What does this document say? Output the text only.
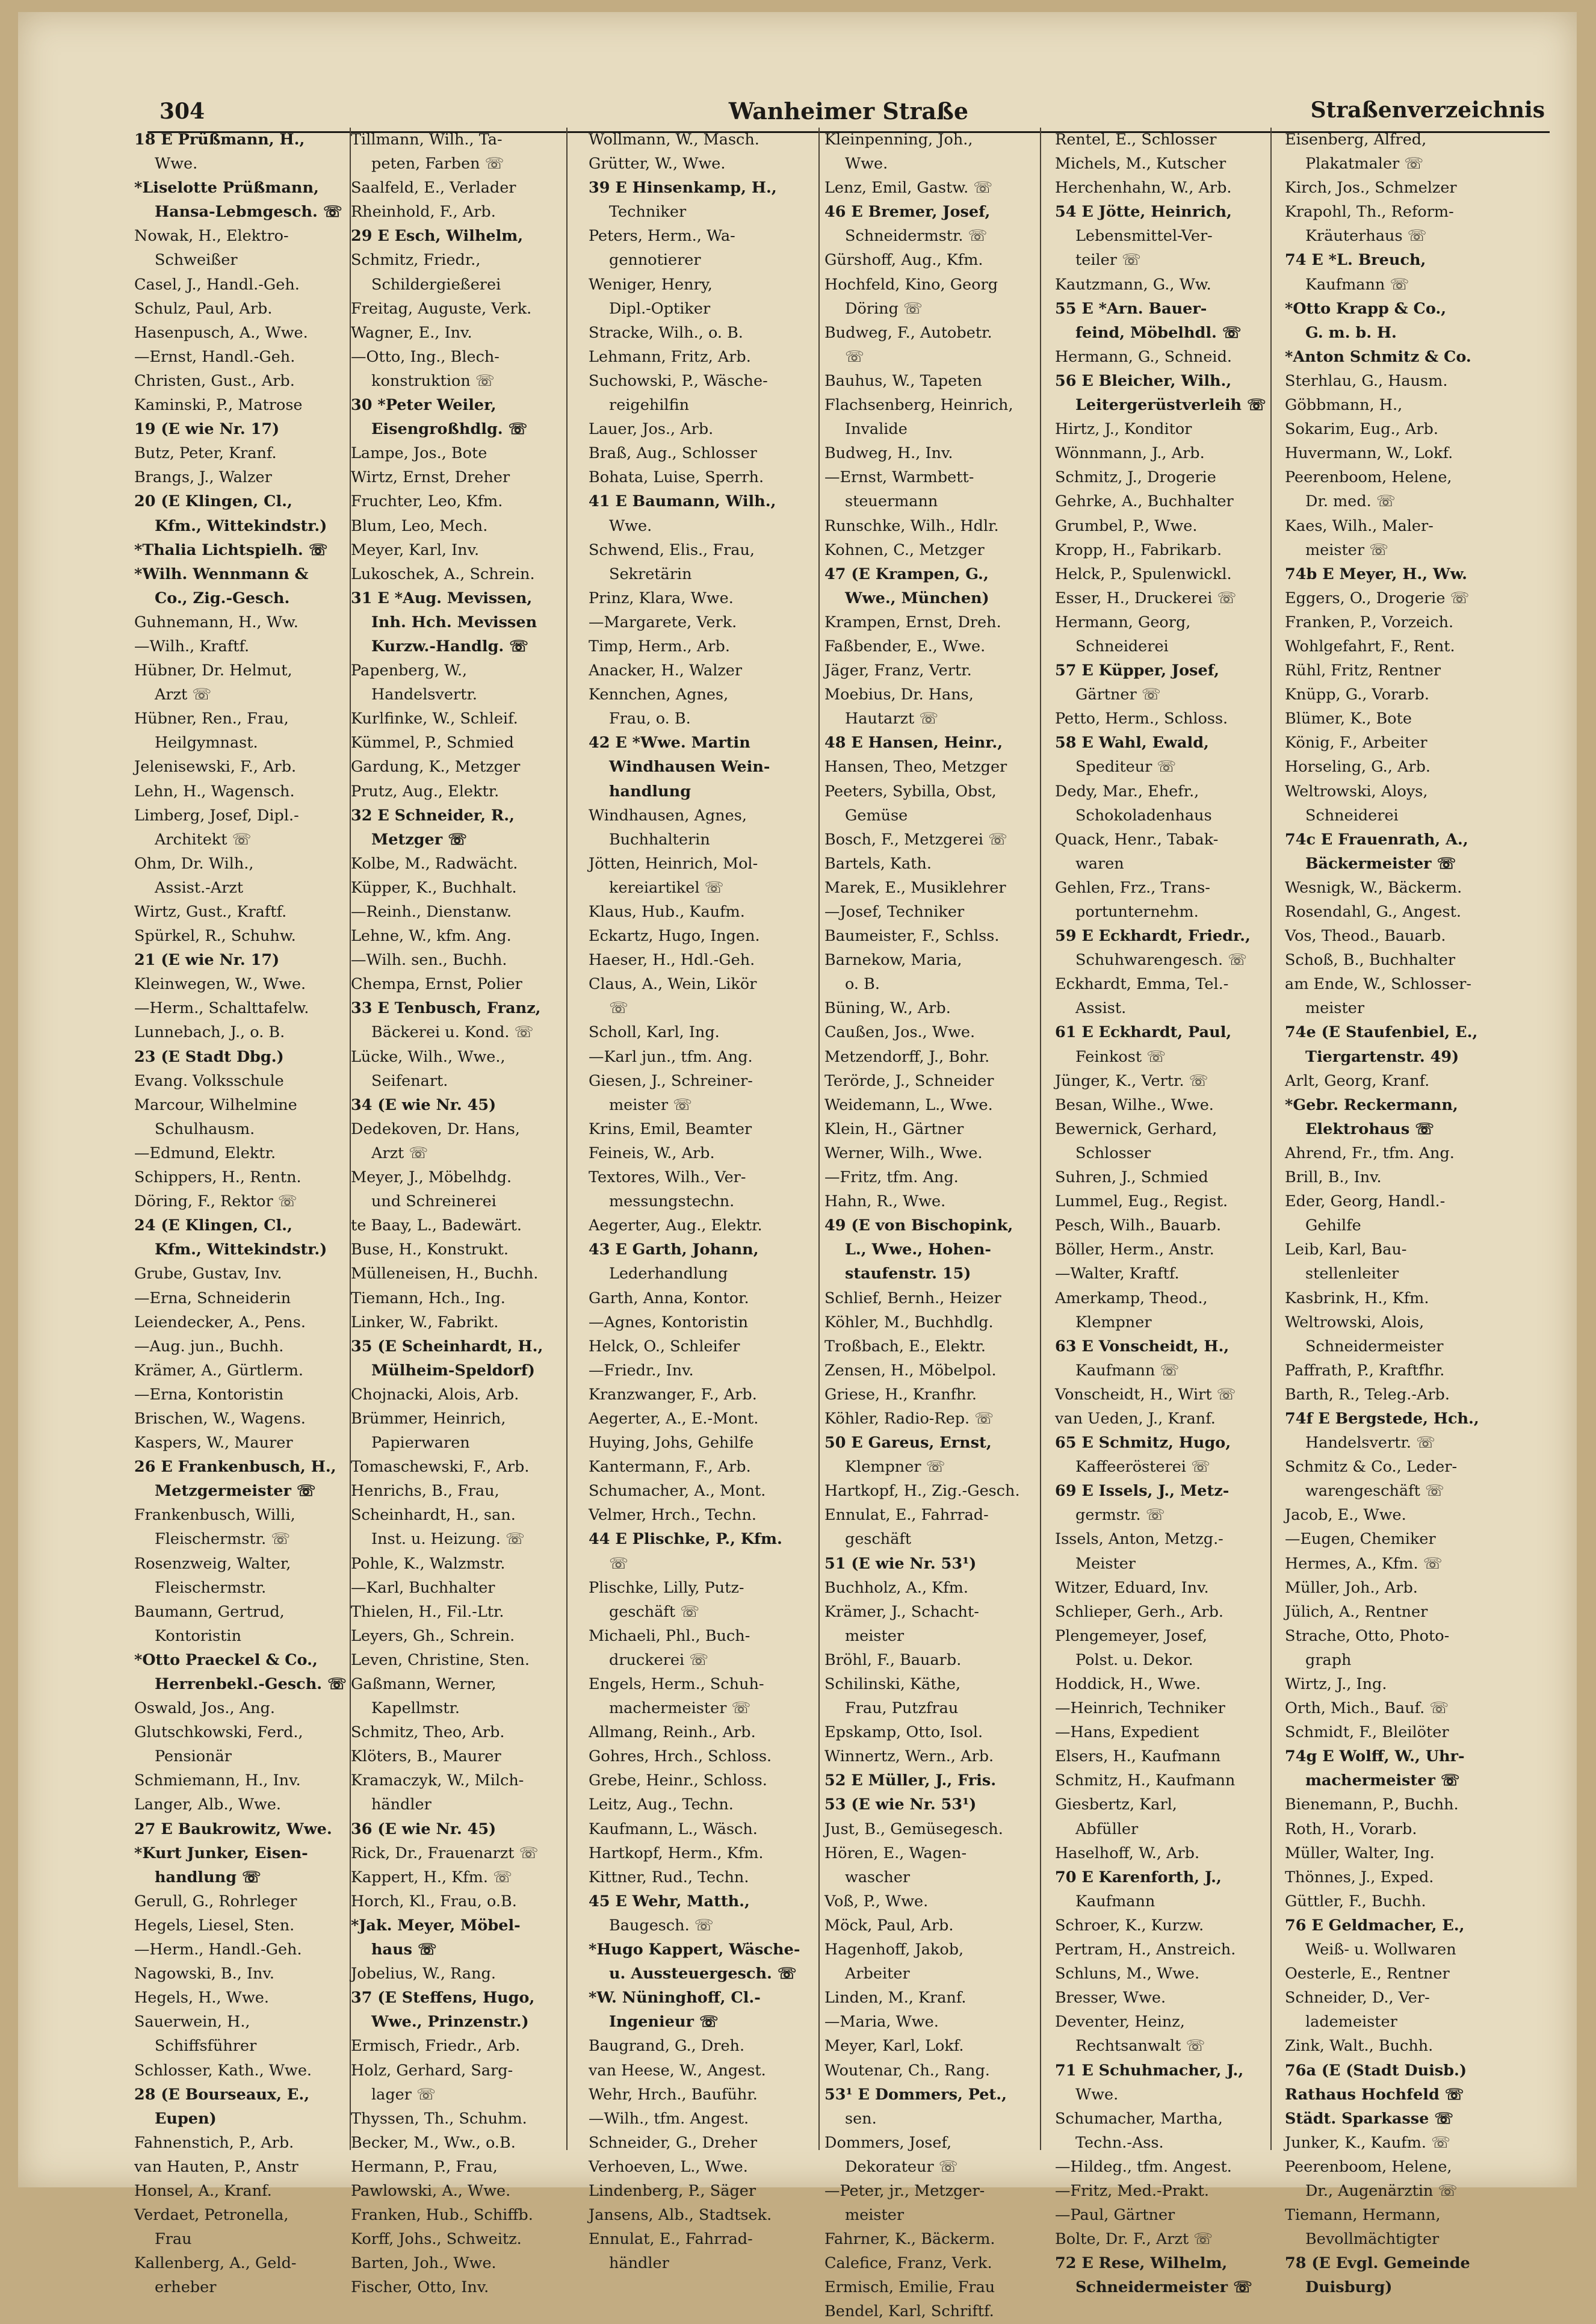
304	Wanheimer Straße	Straßenverzeichnis
18 E Prüßmann, H.,
Wwe.
*Liselotte Prüßmann,
Hansa-Lebmgesch. ☏
Nowak, H., Elektro-
Schweißer
Casel, J., Handl.-Geh.
Schulz, Paul, Arb.
Hasenpusch, A., Wwe.
—Ernst, Handl.-Geh.
Christen, Gust., Arb.
Kaminski, P., Matrose
19 (E wie Nr. 17)
Butz, Peter, Kranf.
Brangs, J., Walzer
20 (E Klingen, Cl.,
Kfm., Wittekindstr.)
*Thalia Lichtspielh. ☏
*Wilh. Wennmann &
Co., Zig.-Gesch.
Guhnemann, H., Ww.
—Wilh., Kraftf.
Hübner, Dr. Helmut,
Arzt ☏
Hübner, Ren., Frau,
Heilgymnast.
Jelenisewski, F., Arb.
Lehn, H., Wagensch.
Limberg, Josef, Dipl.-
Architekt ☏
Ohm, Dr. Wilh.,
Assist.-Arzt
Wirtz, Gust., Kraftf.
Spürkel, R., Schuhw.
21 (E wie Nr. 17)
Kleinwegen, W., Wwe.
—Herm., Schalttafelw.
Lunnebach, J., o. B.
23 (E Stadt Dbg.)
Evang. Volksschule
Marcour, Wilhelmine
Schulhausm.
—Edmund, Elektr.
Schippers, H., Rentn.
Döring, F., Rektor ☏
24 (E Klingen, Cl.,
Kfm., Wittekindstr.)
Grube, Gustav, Inv.
—Erna, Schneiderin
Leiendecker, A., Pens.
—Aug. jun., Buchh.
Krämer, A., Gürtlerm.
—Erna, Kontoristin
Brischen, W., Wagens.
Kaspers, W., Maurer
26 E Frankenbusch, H.,
Metzgermeister ☏
Frankenbusch, Willi,
Fleischermstr. ☏
Rosenzweig, Walter,
Fleischermstr.
Baumann, Gertrud,
Kontoristin
*Otto Praeckel & Co.,
Herrenbekl.-Gesch. ☏
Oswald, Jos., Ang.
Glutschkowski, Ferd.,
Pensionär
Schmiemann, H., Inv.
Langer, Alb., Wwe.
27 E Baukrowitz, Wwe.
*Kurt Junker, Eisen-
handlung ☏
Gerull, G., Rohrleger
Hegels, Liesel, Sten.
—Herm., Handl.-Geh.
Nagowski, B., Inv.
Hegels, H., Wwe.
Sauerwein, H.,
Schiffsführer
Schlosser, Kath., Wwe.
28 (E Bourseaux, E.,
Eupen)
Fahnenstich, P., Arb.
van Hauten, P., Anstr
Honsel, A., Kranf.
Verdaet, Petronella,
Frau
Kallenberg, A., Geld-
erheber
Tillmann, Wilh., Ta-
peten, Farben ☏
Saalfeld, E., Verlader
Rheinhold, F., Arb.
29 E Esch, Wilhelm,
Schmitz, Friedr.,
Schildergießerei
Freitag, Auguste, Verk.
Wagner, E., Inv.
—Otto, Ing., Blech-
konstruktion ☏
30 *Peter Weiler,
Eisengroßhdlg. ☏
Lampe, Jos., Bote
Wirtz, Ernst, Dreher
Fruchter, Leo, Kfm.
Blum, Leo, Mech.
Meyer, Karl, Inv.
Lukoschek, A., Schrein.
31 E *Aug. Mevissen,
Inh. Hch. Mevissen
Kurzw.-Handlg. ☏
Papenberg, W.,
Handelsvertr.
Kurlfinke, W., Schleif.
Kümmel, P., Schmied
Gardung, K., Metzger
Prutz, Aug., Elektr.
32 E Schneider, R.,
Metzger ☏
Kolbe, M., Radwächt.
Küpper, K., Buchhalt.
—Reinh., Dienstanw.
Lehne, W., kfm. Ang.
—Wilh. sen., Buchh.
Chempa, Ernst, Polier
33 E Tenbusch, Franz,
Bäckerei u. Kond. ☏
Lücke, Wilh., Wwe.,
Seifenart.
34 (E wie Nr. 45)
Dedekoven, Dr. Hans,
Arzt ☏
Meyer, J., Möbelhdg.
und Schreinerei
te Baay, L., Badewärt.
Buse, H., Konstrukt.
Mülleneisen, H., Buchh.
Tiemann, Hch., Ing.
Linker, W., Fabrikt.
35 (E Scheinhardt, H.,
Mülheim-Speldorf)
Chojnacki, Alois, Arb.
Brümmer, Heinrich,
Papierwaren
Tomaschewski, F., Arb.
Henrichs, B., Frau,
Scheinhardt, H., san.
Inst. u. Heizung. ☏
Pohle, K., Walzmstr.
—Karl, Buchhalter
Thielen, H., Fil.-Ltr.
Leyers, Gh., Schrein.
Leven, Christine, Sten.
Gaßmann, Werner,
Kapellmstr.
Schmitz, Theo, Arb.
Klöters, B., Maurer
Kramaczyk, W., Milch-
händler
36 (E wie Nr. 45)
Rick, Dr., Frauenarzt ☏
Kappert, H., Kfm. ☏
Horch, Kl., Frau, o.B.
*Jak. Meyer, Möbel-
haus ☏
Jobelius, W., Rang.
37 (E Steffens, Hugo,
Wwe., Prinzenstr.)
Ermisch, Friedr., Arb.
Holz, Gerhard, Sarg-
lager ☏
Thyssen, Th., Schuhm.
Becker, M., Ww., o.B.
Hermann, P., Frau,
Pawlowski, A., Wwe.
Franken, Hub., Schiffb.
Korff, Johs., Schweitz.
Barten, Joh., Wwe.
Fischer, Otto, Inv.
Wollmann, W., Masch.
Grütter, W., Wwe.
39 E Hinsenkamp, H.,
Techniker
Peters, Herm., Wa-
gennotierer
Weniger, Henry,
Dipl.-Optiker
Stracke, Wilh., o. B.
Lehmann, Fritz, Arb.
Suchowski, P., Wäsche-
reigehilfin
Lauer, Jos., Arb.
Braß, Aug., Schlosser
Bohata, Luise, Sperrh.
41 E Baumann, Wilh.,
Wwe.
Schwend, Elis., Frau,
Sekretärin
Prinz, Klara, Wwe.
—Margarete, Verk.
Timp, Herm., Arb.
Anacker, H., Walzer
Kennchen, Agnes,
Frau, o. B.
42 E *Wwe. Martin
Windhausen Wein-
handlung
Windhausen, Agnes,
Buchhalterin
Jötten, Heinrich, Mol-
kereiartikel ☏
Klaus, Hub., Kaufm.
Eckartz, Hugo, Ingen.
Haeser, H., Hdl.-Geh.
Claus, A., Wein, Likör
☏
Scholl, Karl, Ing.
—Karl jun., tfm. Ang.
Giesen, J., Schreiner-
meister ☏
Krins, Emil, Beamter
Feineis, W., Arb.
Textores, Wilh., Ver-
messungstechn.
Aegerter, Aug., Elektr.
43 E Garth, Johann,
Lederhandlung
Garth, Anna, Kontor.
—Agnes, Kontoristin
Helck, O., Schleifer
—Friedr., Inv.
Kranzwanger, F., Arb.
Aegerter, A., E.-Mont.
Huying, Johs, Gehilfe
Kantermann, F., Arb.
Schumacher, A., Mont.
Velmer, Hrch., Techn.
44 E Plischke, P., Kfm.
☏
Plischke, Lilly, Putz-
geschäft ☏
Michaeli, Phl., Buch-
druckerei ☏
Engels, Herm., Schuh-
machermeister ☏
Allmang, Reinh., Arb.
Gohres, Hrch., Schloss.
Grebe, Heinr., Schloss.
Leitz, Aug., Techn.
Kaufmann, L., Wäsch.
Hartkopf, Herm., Kfm.
Kittner, Rud., Techn.
45 E Wehr, Matth.,
Baugesch. ☏
*Hugo Kappert, Wäsche-
u. Aussteuergesch. ☏
*W. Nüninghoff, Cl.-
Ingenieur ☏
Baugrand, G., Dreh.
van Heese, W., Angest.
Wehr, Hrch., Bauführ.
—Wilh., tfm. Angest.
Schneider, G., Dreher
Verhoeven, L., Wwe.
Lindenberg, P., Säger
Jansens, Alb., Stadtsek.
Ennulat, E., Fahrrad-
händler
Kleinpenning, Joh.,
Wwe.
Lenz, Emil, Gastw. ☏
46 E Bremer, Josef,
Schneidermstr. ☏
Gürshoff, Aug., Kfm.
Hochfeld, Kino, Georg
Döring ☏
Budweg, F., Autobetr.
☏
Bauhus, W., Tapeten
Flachsenberg, Heinrich,
Invalide
Budweg, H., Inv.
—Ernst, Warmbett-
steuermann
Runschke, Wilh., Hdlr.
Kohnen, C., Metzger
47 (E Krampen, G.,
Wwe., München)
Krampen, Ernst, Dreh.
Faßbender, E., Wwe.
Jäger, Franz, Vertr.
Moebius, Dr. Hans,
Hautarzt ☏
48 E Hansen, Heinr.,
Hansen, Theo, Metzger
Peeters, Sybilla, Obst,
Gemüse
Bosch, F., Metzgerei ☏
Bartels, Kath.
Marek, E., Musiklehrer
—Josef, Techniker
Baumeister, F., Schlss.
Barnekow, Maria,
o. B.
Büning, W., Arb.
Caußen, Jos., Wwe.
Metzendorff, J., Bohr.
Terörde, J., Schneider
Weidemann, L., Wwe.
Klein, H., Gärtner
Werner, Wilh., Wwe.
—Fritz, tfm. Ang.
Hahn, R., Wwe.
49 (E von Bischopink,
L., Wwe., Hohen-
staufenstr. 15)
Schlief, Bernh., Heizer
Köhler, M., Buchhdlg.
Troßbach, E., Elektr.
Zensen, H., Möbelpol.
Griese, H., Kranfhr.
Köhler, Radio-Rep. ☏
50 E Gareus, Ernst,
Klempner ☏
Hartkopf, H., Zig.-Gesch.
Ennulat, E., Fahrrad-
geschäft
51 (E wie Nr. 53¹)
Buchholz, A., Kfm.
Krämer, J., Schacht-
meister
Bröhl, F., Bauarb.
Schilinski, Käthe,
Frau, Putzfrau
Epskamp, Otto, Isol.
Winnertz, Wern., Arb.
52 E Müller, J., Fris.
53 (E wie Nr. 53¹)
Just, B., Gemüsegesch.
Hören, E., Wagen-
wascher
Voß, P., Wwe.
Möck, Paul, Arb.
Hagenhoff, Jakob,
Arbeiter
Linden, M., Kranf.
—Maria, Wwe.
Meyer, Karl, Lokf.
Woutenar, Ch., Rang.
53¹ E Dommers, Pet.,
sen.
Dommers, Josef,
Dekorateur ☏
—Peter, jr., Metzger-
meister
Fahrner, K., Bäckerm.
Calefice, Franz, Verk.
Ermisch, Emilie, Frau
Bendel, Karl, Schriftf.
Rentel, E., Schlosser
Michels, M., Kutscher
Herchenhahn, W., Arb.
54 E Jötte, Heinrich,
Lebensmittel-Ver-
teiler ☏
Kautzmann, G., Ww.
55 E *Arn. Bauer-
feind, Möbelhdl. ☏
Hermann, G., Schneid.
56 E Bleicher, Wilh.,
Leitergerüstverleih ☏
Hirtz, J., Konditor
Wönnmann, J., Arb.
Schmitz, J., Drogerie
Gehrke, A., Buchhalter
Grumbel, P., Wwe.
Kropp, H., Fabrikarb.
Helck, P., Spulenwickl.
Esser, H., Druckerei ☏
Hermann, Georg,
Schneiderei
57 E Küpper, Josef,
Gärtner ☏
Petto, Herm., Schloss.
58 E Wahl, Ewald,
Spediteur ☏
Dedy, Mar., Ehefr.,
Schokoladenhaus
Quack, Henr., Tabak-
waren
Gehlen, Frz., Trans-
portunternehm.
59 E Eckhardt, Friedr.,
Schuhwarengesch. ☏
Eckhardt, Emma, Tel.-
Assist.
61 E Eckhardt, Paul,
Feinkost ☏
Jünger, K., Vertr. ☏
Besan, Wilhe., Wwe.
Bewernick, Gerhard,
Schlosser
Suhren, J., Schmied
Lummel, Eug., Regist.
Pesch, Wilh., Bauarb.
Böller, Herm., Anstr.
—Walter, Kraftf.
Amerkamp, Theod.,
Klempner
63 E Vonscheidt, H.,
Kaufmann ☏
Vonscheidt, H., Wirt ☏
van Ueden, J., Kranf.
65 E Schmitz, Hugo,
Kaffeerösterei ☏
69 E Issels, J., Metz-
germstr. ☏
Issels, Anton, Metzg.-
Meister
Witzer, Eduard, Inv.
Schlieper, Gerh., Arb.
Plengemeyer, Josef,
Polst. u. Dekor.
Hoddick, H., Wwe.
—Heinrich, Techniker
—Hans, Expedient
Elsers, H., Kaufmann
Schmitz, H., Kaufmann
Giesbertz, Karl,
Abfüller
Haselhoff, W., Arb.
70 E Karenforth, J.,
Kaufmann
Schroer, K., Kurzw.
Pertram, H., Anstreich.
Schluns, M., Wwe.
Bresser, Wwe.
Deventer, Heinz,
Rechtsanwalt ☏
71 E Schuhmacher, J.,
Wwe.
Schumacher, Martha,
Techn.-Ass.
—Hildeg., tfm. Angest.
—Fritz, Med.-Prakt.
—Paul, Gärtner
Bolte, Dr. F., Arzt ☏
72 E Rese, Wilhelm,
Schneidermeister ☏
Eisenberg, Alfred,
Plakatmaler ☏
Kirch, Jos., Schmelzer
Krapohl, Th., Reform-
Kräuterhaus ☏
74 E *L. Breuch,
Kaufmann ☏
*Otto Krapp & Co.,
G. m. b. H.
*Anton Schmitz & Co.
Sterhlau, G., Hausm.
Göbbmann, H.,
Sokarim, Eug., Arb.
Huvermann, W., Lokf.
Peerenboom, Helene,
Dr. med. ☏
Kaes, Wilh., Maler-
meister ☏
74b E Meyer, H., Ww.
Eggers, O., Drogerie ☏
Franken, P., Vorzeich.
Wohlgefahrt, F., Rent.
Rühl, Fritz, Rentner
Knüpp, G., Vorarb.
Blümer, K., Bote
König, F., Arbeiter
Horseling, G., Arb.
Weltrowski, Aloys,
Schneiderei
74c E Frauenrath, A.,
Bäckermeister ☏
Wesnigk, W., Bäckerm.
Rosendahl, G., Angest.
Vos, Theod., Bauarb.
Schoß, B., Buchhalter
am Ende, W., Schlosser-
meister
74e (E Staufenbiel, E.,
Tiergartenstr. 49)
Arlt, Georg, Kranf.
*Gebr. Reckermann,
Elektrohaus ☏
Ahrend, Fr., tfm. Ang.
Brill, B., Inv.
Eder, Georg, Handl.-
Gehilfe
Leib, Karl, Bau-
stellenleiter
Kasbrink, H., Kfm.
Weltrowski, Alois,
Schneidermeister
Paffrath, P., Kraftfhr.
Barth, R., Teleg.-Arb.
74f E Bergstede, Hch.,
Handelsvertr. ☏
Schmitz & Co., Leder-
warengeschäft ☏
Jacob, E., Wwe.
—Eugen, Chemiker
Hermes, A., Kfm. ☏
Müller, Joh., Arb.
Jülich, A., Rentner
Strache, Otto, Photo-
graph
Wirtz, J., Ing.
Orth, Mich., Bauf. ☏
Schmidt, F., Bleilöter
74g E Wolff, W., Uhr-
machermeister ☏
Bienemann, P., Buchh.
Roth, H., Vorarb.
Müller, Walter, Ing.
Thönnes, J., Exped.
Güttler, F., Buchh.
76 E Geldmacher, E.,
Weiß- u. Wollwaren
Oesterle, E., Rentner
Schneider, D., Ver-
lademeister
Zink, Walt., Buchh.
76a (E (Stadt Duisb.)
Rathaus Hochfeld ☏
Städt. Sparkasse ☏
Junker, K., Kaufm. ☏
Peerenboom, Helene,
Dr., Augenärztin ☏
Tiemann, Hermann,
Bevollmächtigter
78 (E Evgl. Gemeinde
Duisburg)
